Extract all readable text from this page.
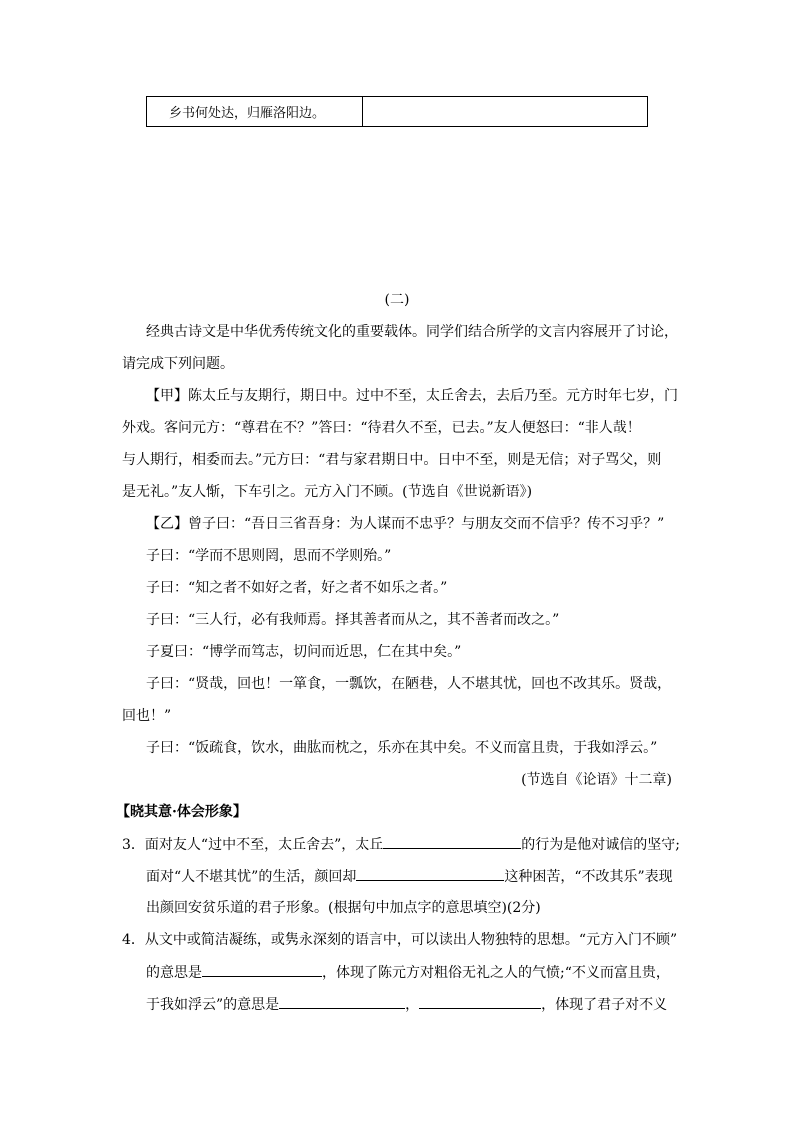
乡书何处达，归雁洛阳边。
(二)
经典古诗文是中华优秀传统文化的重要载体。同学们结合所学的文言内容展开了讨论，
请完成下列问题。
【甲】陈太丘与友期行，期日中。过中不至，太丘舍去，去后乃至。元方时年七岁，门
外戏。客问元方：“尊君在不？”答曰：“待君久不至，已去。”友人便怒曰：“非人哉！
与人期行，相委而去。”元方曰：“君与家君期日中。日中不至，则是无信；对子骂父，则
是无礼。”友人惭，下车引之。元方入门不顾。(节选自《世说新语》)
【乙】曾子曰：“吾日三省吾身：为人谋而不忠乎？与朋友交而不信乎？传不习乎？”
子曰：“学而不思则罔，思而不学则殆。”
子曰：“知之者不如好之者，好之者不如乐之者。”
子曰：“三人行，必有我师焉。择其善者而从之，其不善者而改之。”
子夏曰：“博学而笃志，切问而近思，仁在其中矣。”
子曰：“贤哉，回也！一箪食，一瓢饮，在陋巷，人不堪其忧，回也不改其乐。贤哉，
回也！”
子曰：“饭疏食，饮水，曲肱而枕之，乐亦在其中矣。不义而富且贵，于我如浮云。”
(节选自《论语》十二章)
【晓其意·体会形象】
3．面对友人“过中不至，太丘舍去”，太丘	的行为是他对诚信的坚守;
面对“人不堪其忧”的生活，颜回却	这种困苦，“不改其乐”表现
出颜回安贫乐道的君子形象。(根据句中加点字的意思填空)(2分)
4．从文中或简洁凝练，或隽永深刻的语言中，可以读出人物独特的思想。“元方入门不顾”
的意思是	，体现了陈元方对粗俗无礼之人的气愤;“不义而富且贵，
于我如浮云”的意思是	，	，体现了君子对不义
